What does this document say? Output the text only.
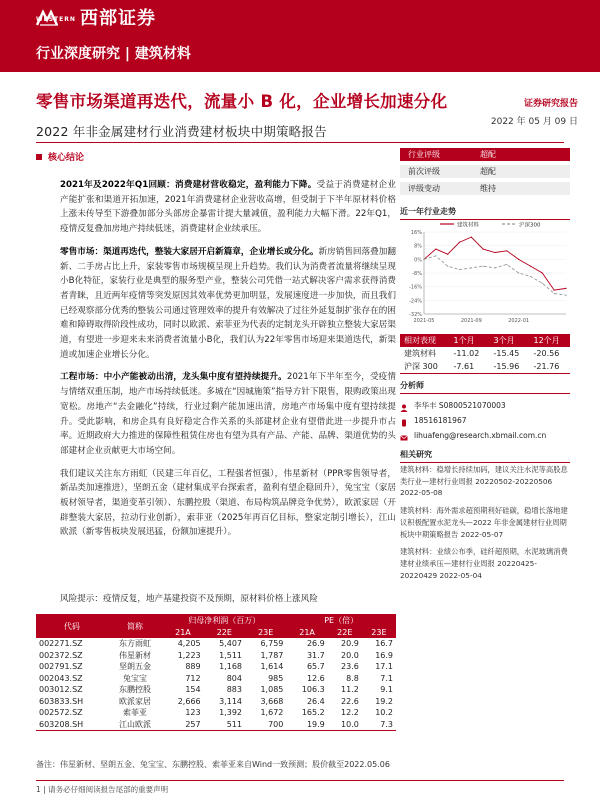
WESTERN 西部证券
行业深度研究 | 建筑材料
零售市场渠道再迭代，流量小 B 化，企业增长加速分化	证券研究报告
2022 年非金属建材行业消费建材板块中期策略报告
2022 年 05 月 09 日
核心结论

2021年及2022年Q1回顾：消费建材营收稳定，盈利能力下降。受益于消费建材企业产能扩张和渠道开拓加速，2021年消费建材企业营收高增，但受制于下半年原材料价格上涨未传导至下游叠加部分头部房企暴雷计提大量减值，盈利能力大幅下滑。22年Q1，疫情反复叠加房地产持续低迷，消费建材企业续承压。

零售市场：渠道再迭代，整装大家居开启新篇章，企业增长或分化。新房销售回落叠加翻新、二手房占比上升，家装零售市场规模呈现上升趋势。我们认为消费者流量将继续呈现小B化特征，家装行业是典型的服务型产业，整装公司凭借一站式解决客户需求获得消费者青睐，且近两年疫情等突发原因其效率优势更加明显，发展速度进一步加快，而且我们已经观察部分优秀的整装公司通过管理效率的提升有效解决了过往外延复制扩张存在的困难和障碍取得阶段性成功，同时以欧派、索菲亚为代表的定制龙头开辟独立整装大家居渠道，有望进一步迎来未来消费者流量小B化，我们认为22年零售市场迎来渠道迭代，新渠道或加速企业增长分化。

工程市场：中小产能被动出清，龙头集中度有望持续提升。2021年下半年至今，受疫情与情绪双重压制，地产市场持续低迷。多城在“因城施策”指导方针下限售，限购政策出现宽松。房地产“去金融化”持续，行业过剩产能加速出清，房地产市场集中度有望持续提升。受此影响，和房企具有良好稳定合作关系的头部建材企业有望借此进一步提升市占率。近期政府大力推进的保障性租赁住房也有望为具有产品、产能、品牌、渠道优势的头部建材企业贡献更大市场空间。

我们建议关注东方雨虹（民建三年百亿，工程强者恒强），伟星新材（PPR零售领导者，新品类加速推进），坚朗五金（建材集成平台探索者，盈利有望企稳回升），兔宝宝（家居板材领导者，渠道变革引领）、东鹏控股（渠道、布局构筑品牌竞争优势），欧派家居（开辟整装大家居，拉动行业创新），索菲亚（2025年再百亿目标，整家定制引增长），江山欧派（新零售板块发展迅猛，份额加速提升）。

风险提示：疫情反复，地产基建投资不及预期，原材料价格上涨风险
代码	简称	归母净利润（百万）			PE（倍）		
		21A	22E	23E	21A	22E	23E
002271.SZ	东方雨虹	4,205	5,407	6,759	26.9	20.9	16.7
002372.SZ	伟星新材	1,223	1,511	1,787	31.7	20.0	16.9
002791.SZ	坚朗五金	889	1,168	1,614	65.7	23.6	17.1
002043.SZ	兔宝宝	712	804	985	12.6	8.8	7.1
003012.SZ	东鹏控股	154	883	1,085	106.3	11.2	9.1
603833.SH	欧派家居	2,666	3,114	3,668	26.4	22.6	19.2
002572.SZ	索菲亚	123	1,392	1,672	165.2	12.2	10.2
603208.SH	江山欧派	257	511	700	19.9	10.0	7.3
备注：伟星新材、坚朗五金、兔宝宝、东鹏控股、索菲亚来自Wind一致预测；股价截至2022.05.06
1 | 请务必仔细阅读报告尾部的重要声明
行业评级	超配
前次评级	超配
评级变动	维持
近一年行业走势
建筑材料	沪深300
16%
8%
0%
-8%
-16%
-24%
-32%
2021-05	2021-09	2022-01
相对表现	1个月	3个月	12个月
建筑材料	-11.02	-15.45	-20.56
沪深 300	-7.61	-15.96	-21.76
分析师
李华丰 S0800521070003
18516181967
lihuafeng@research.xbmail.com.cn
相关研究

建筑材料：稳增长持续加码，建议关注水泥等高股息类行业—建材行业周报 20220502-20220506 2022-05-08

建筑材料：海外需求超预期利好硅碳，稳增长落地建议积极配置水泥龙头—2022 年非金属建材行业周期板块中期策略报告 2022-05-07

建筑材料：业绩公布季，硅纤超预期，水泥玻璃消费建材业绩承压—建材行业周报 20220425-20220429 2022-05-04
